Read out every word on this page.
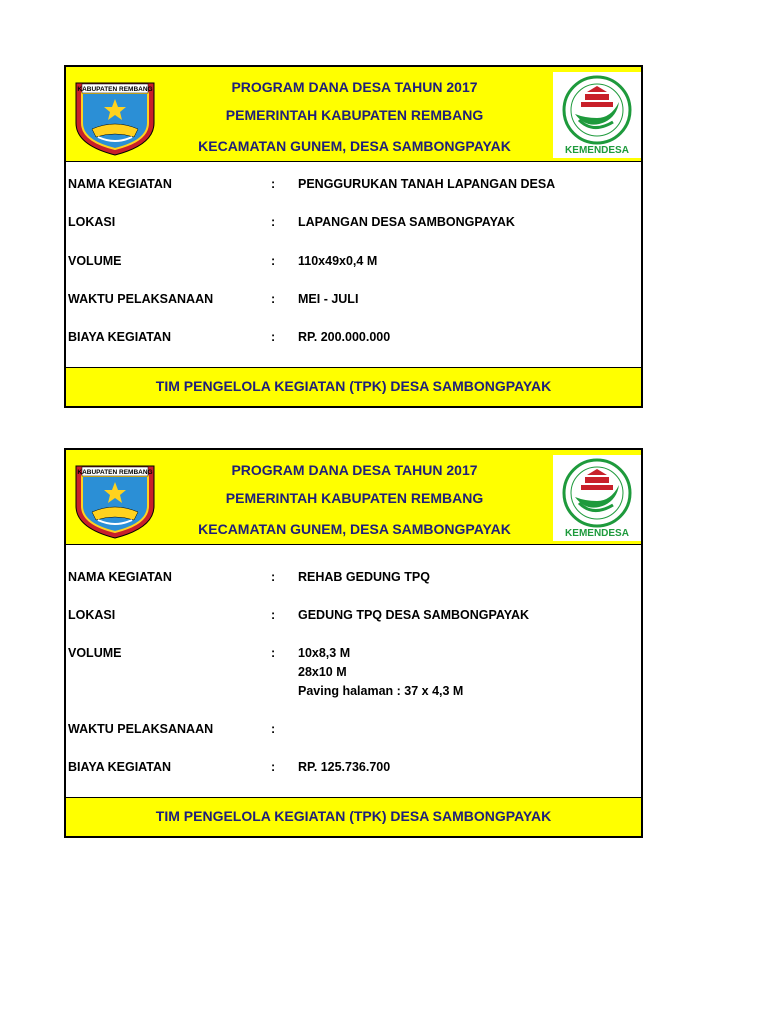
KABUPATEN REMBANG	PROGRAM DANA DESA TAHUN 2017
PEMERINTAH KABUPATEN REMBANG
KECAMATAN GUNEM, DESA SAMBONGPAYAK	KEMENDESA
NAMA KEGIATAN	: PENGGURUKAN TANAH LAPANGAN DESA
LOKASI	: LAPANGAN DESA SAMBONGPAYAK
VOLUME	: 110x49x0,4 M
WAKTU PELAKSANAAN	: MEI - JULI
BIAYA KEGIATAN	: RP. 200.000.000
TIM PENGELOLA KEGIATAN (TPK) DESA SAMBONGPAYAK
KABUPATEN REMBANG	PROGRAM DANA DESA TAHUN 2017
PEMERINTAH KABUPATEN REMBANG
KECAMATAN GUNEM, DESA SAMBONGPAYAK	KEMENDESA
NAMA KEGIATAN	: REHAB GEDUNG TPQ
LOKASI	: GEDUNG TPQ DESA SAMBONGPAYAK
VOLUME	: 10x8,3 M
28x10 M
Paving halaman : 37 x 4,3 M
WAKTU PELAKSANAAN	:
BIAYA KEGIATAN	: RP. 125.736.700
TIM PENGELOLA KEGIATAN (TPK) DESA SAMBONGPAYAK
